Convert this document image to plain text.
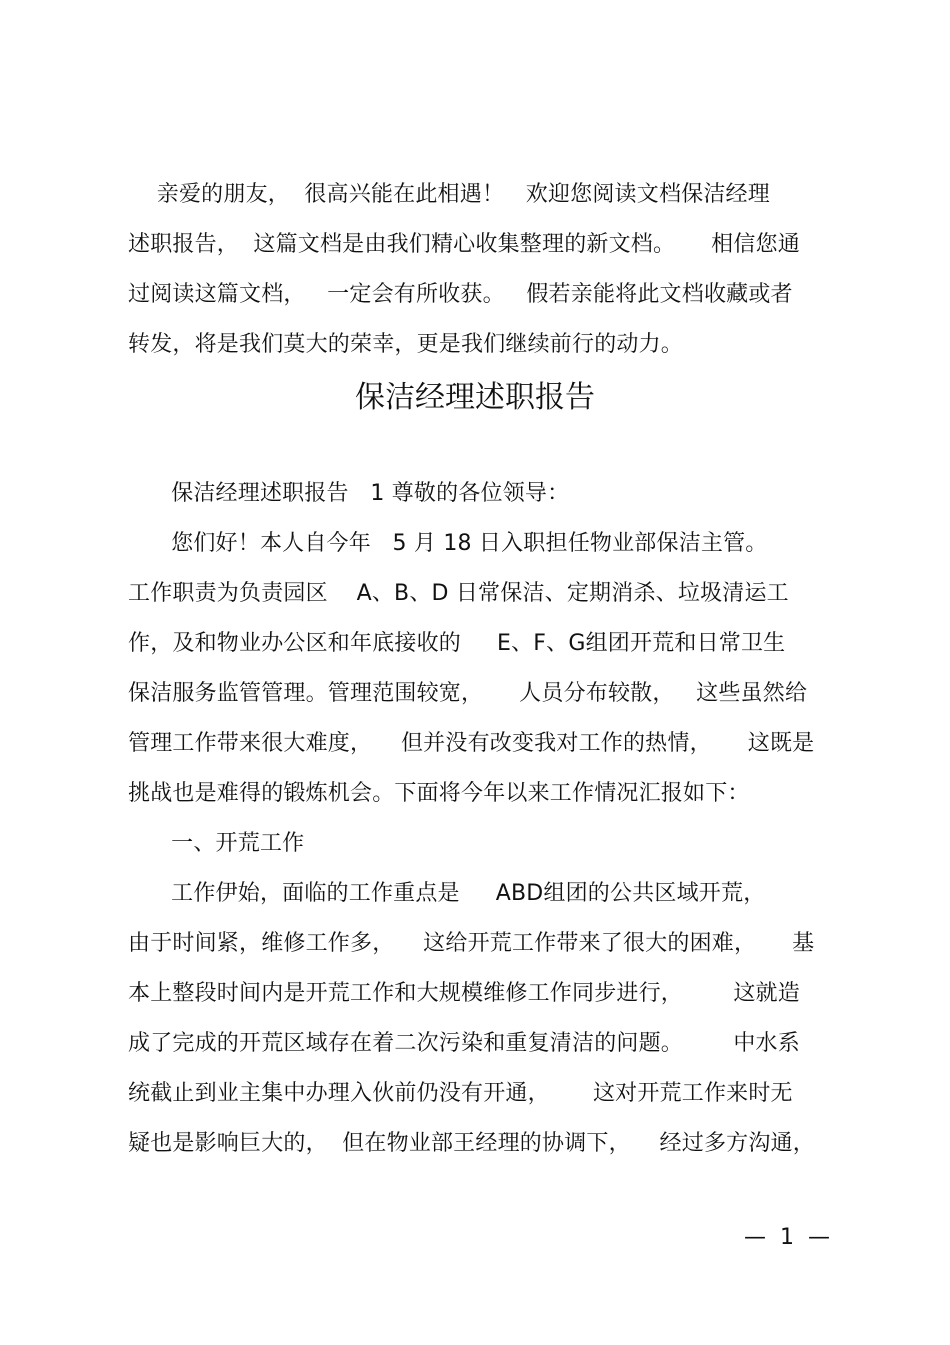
亲爱的朋友，  很高兴能在此相遇！   欢迎您阅读文档保洁经理
述职报告，  这篇文档是由我们精心收集整理的新文档。     相信您通
过阅读这篇文档，   一定会有所收获。   假若亲能将此文档收藏或者
转发，将是我们莫大的荣幸，更是我们继续前行的动力。
保洁经理述职报告
保洁经理述职报告   1 尊敬的各位领导：
您们好！本人自今年   5 月 18 日入职担任物业部保洁主管。
工作职责为负责园区    A、B、D 日常保洁、定期消杀、垃圾清运工
作，及和物业办公区和年底接收的     E、F、G组团开荒和日常卫生
保洁服务监管管理。管理范围较宽，     人员分布较散，   这些虽然给
管理工作带来很大难度，    但并没有改变我对工作的热情，     这既是
挑战也是难得的锻炼机会。下面将今年以来工作情况汇报如下：
一、开荒工作
工作伊始，面临的工作重点是     ABD组团的公共区域开荒，
由于时间紧，维修工作多，    这给开荒工作带来了很大的困难，     基
本上整段时间内是开荒工作和大规模维修工作同步进行，       这就造
成了完成的开荒区域存在着二次污染和重复清洁的问题。       中水系
统截止到业主集中办理入伙前仍没有开通，      这对开荒工作来时无
疑也是影响巨大的，  但在物业部王经理的协调下，    经过多方沟通，
—  1  —
